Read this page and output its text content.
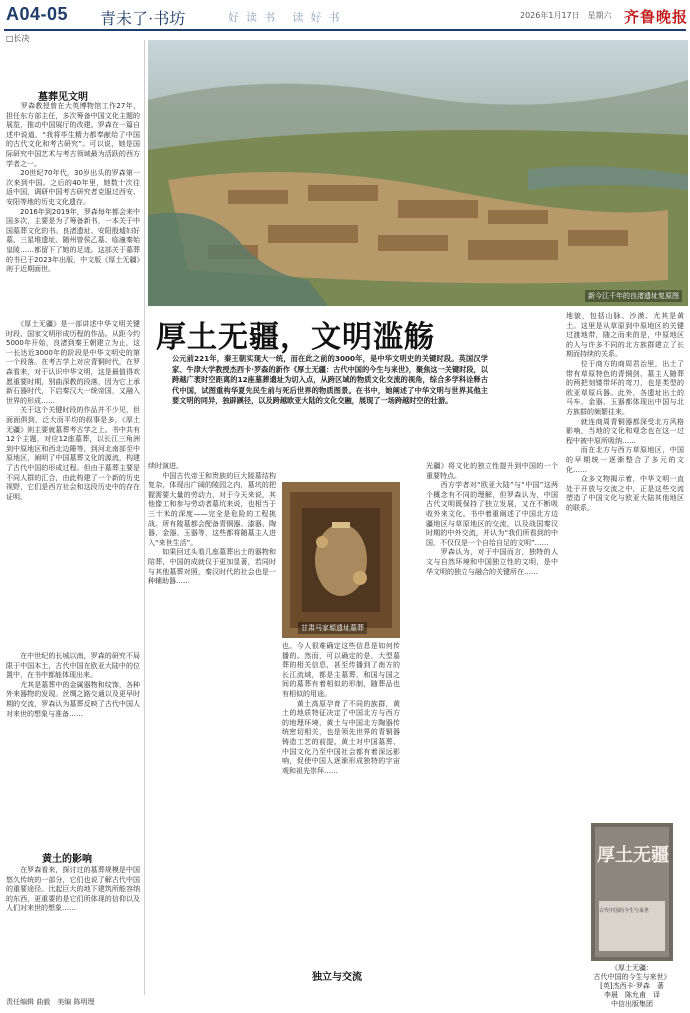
A04-05 青未了·书坊	好读书 读好书	2026年1月17日　星期六 齐鲁晚报
□长决
新今江千年的良渚遗址复原图
墓葬见文明
　　罗森教授曾在大英博物馆工作27年，担任东方部主任，多次筹备中国文化主题的展览，推动中国展厅的改建。罗森在一篇自述中说道，“我将毕生精力都奉献给了中国的古代文化和考古研究”。可以说，她是国际研究中国艺术与考古领域最为活跃的西方学者之一。
　　20世纪70年代，30岁出头的罗森第一次来到中国。之后的40年里，她数十次往返中国，调研中国考古研究者克服过西安、安阳等地的历史文化遗存。
　　2016年到2019年，罗森每年都会来中国多次，主要是为了筹备新书，一本关于中国墓葬文化的书。良渚遗址、安阳殷墟妇好墓、三星堆遗址、随州曾侯乙墓、临潼秦始皇陵……都留下了她的足迹。这部关于墓葬的书已于2023年出版，中文版《厚土无疆》则于近期面世。
　　《厚土无疆》是一部讲述中华文明关键时段、国家文明形成历程的作品。从距今约5000年开始，良渚到秦王朝建立为止，这一长达近3000年的阶段是中华文明史的第一个段落。在考古学上对应青铜时代，在罗森看来，对于认识中华文明，这是最值得欢愿重要时期，别曲深教的段落，因为它上承新石器时代，下启秦汉大一统帝国，又融入世界的形成……
　　关于这个关键时段的作品并不少见，但面面俱到，泛大而平均的叙事是多，《厚土无疆》则主要就墓葬考古学之上。书中共有12个主题，对应12座墓葬，以长江三角洲到中原地区和西北边陲等，到河北南部至中原地区，阐明了中国墓葬文化的源流，构建了古代中国的形成过程。但由于墓葬主要是不同人群的汇合，由此构建了一个新的历史视野，它们是西方社会和这段历史中的存在证明。
　　在中世纪的长城以南，罗森的研究不局限于中国本土，古代中国在欧亚大陆中的位置中，在书中都能体现出来。
　　尤其是墓葬中的金属器物和纹饰，各种外来器物的发现。丝绸之路交通以及更早时期的交流，罗森认为墓葬反映了古代中国人对来世的想象与准备……
黄土的影响
　　在罗森看来，探讨过的墓葬规模是中国悠久传统的一部分，它们也说了解古代中国的重要途径。比起巨大的地下建筑所能容纳的东西，更重要的是它们所体现的信仰以及人们对来世的想象……
厚土无疆，文明滥觞
公元前221年，秦王朝实现大一统，而在此之前的3000年，是中华文明史的关键时段。英国汉学家、牛津大学教授杰西卡·罗森的新作《厚土无疆：古代中国的今生与来世》，聚焦这一关键时段，以跨越广袤时空距离的12座墓葬遗址为切入点，从跨区域的物质文化交流的视角，综合多学科诠释古代中国，试图重构华夏先民生前与死后世界的物质图景。在书中，她阐述了中华文明与世界其他主要文明的同异，独辟蹊径，以及跨越欧亚大陆的文化交融，展现了一场跨越时空的壮游。
续时演进。
　　中国古代帝王和贵族的巨大陵墓结构复杂，体现出广阔的陵园之内，墓坑的把握需要大量的劳动力，对于今天来说，其他像工和参与劳动者墓坑来说，也相当于三十米的深度——完全是危险的工程挑战。所有陵墓都会配备青铜器、漆器、陶器、金器、玉器等，这些都将随墓主人进入“来世生活”。
　　如果回过头看几座墓葬出土的器物和陪葬，中国的成就仅于更加显著，若同时与其他墓葬对照，秦汉时代的社会也是一种辅助器……
甘肃马家塬遗址墓葬
也。今人很难确定这些信息是如何传播的。然而，可以确定的是，大型墓葬的相关信息，甚至传播到了南方的长江流域，都是主墓葬，和国与国之间的墓葬有着相似的形制，随葬品也有相似的用途。
　　黄土高原孕育了不同的族群，黄土的地质特征决定了中国北方与西方的地理环境，黄土与中国北方陶器传统密切相关，也是领先世界的青铜器铸造工艺的前提。黄土对中国墓葬、中国文化乃至中国社会都有着深远影响，促使中国人逐渐形成独特的宇宙观和祖先崇拜……
独立与交流
光疆》将文化的独立性提升到中国的一个重要特点。
　　西方学者对“欧亚大陆”与“中国”这两个概念有不同的理解，但罗森认为，中国古代文明既保持了独立发展，又在不断吸收外来文化。书中着重阐述了中国北方边疆地区与草原地区的交流，以及战国秦汉时期的中外交流，并认为“我们所看到的中国，不仅仅是一个自给自足的文明”……
　　罗森认为，对于中国而言，独特的人文与自然环境和中国独立性的文明，是中华文明的独立与融合的关键所在……
地貌，包括山脉、沙漠、尤其是黄土。这里是从草原到中原地区的关键过渡地带，随之而来的是，中原地区的人与许多不同的北方族群建立了长期而持续的关系。
　　位于商方的商周君治里，出土了带有草原特色的青铜剑、墓主人随葬的两把刻镂带环的弯刀，也是类型的欧亚草原兵器。此外，各遗址出土的马车、金器、玉器都体现出中国与北方族群的频繁往来。
　　就连商周青铜器都深受北方风格影响，当地的文化和观念也在这一过程中被中原所吸纳……
　　而在北方与西方草原地区，中国的早期统一逐渐整合了多元的文化……
　　众多文物揭示着，中华文明一直处于开放与交流之中，正是这些交流塑造了中国文化与欧亚大陆其他地区的联系。
厚土无疆
古代中国的今生与来世
《厚土无疆：
古代中国的今生与来世》
[英]杰西卡·罗森　著
李晨　陈允甫　译
中信出版集团
责任编辑 曲毅　美编 陈明理
